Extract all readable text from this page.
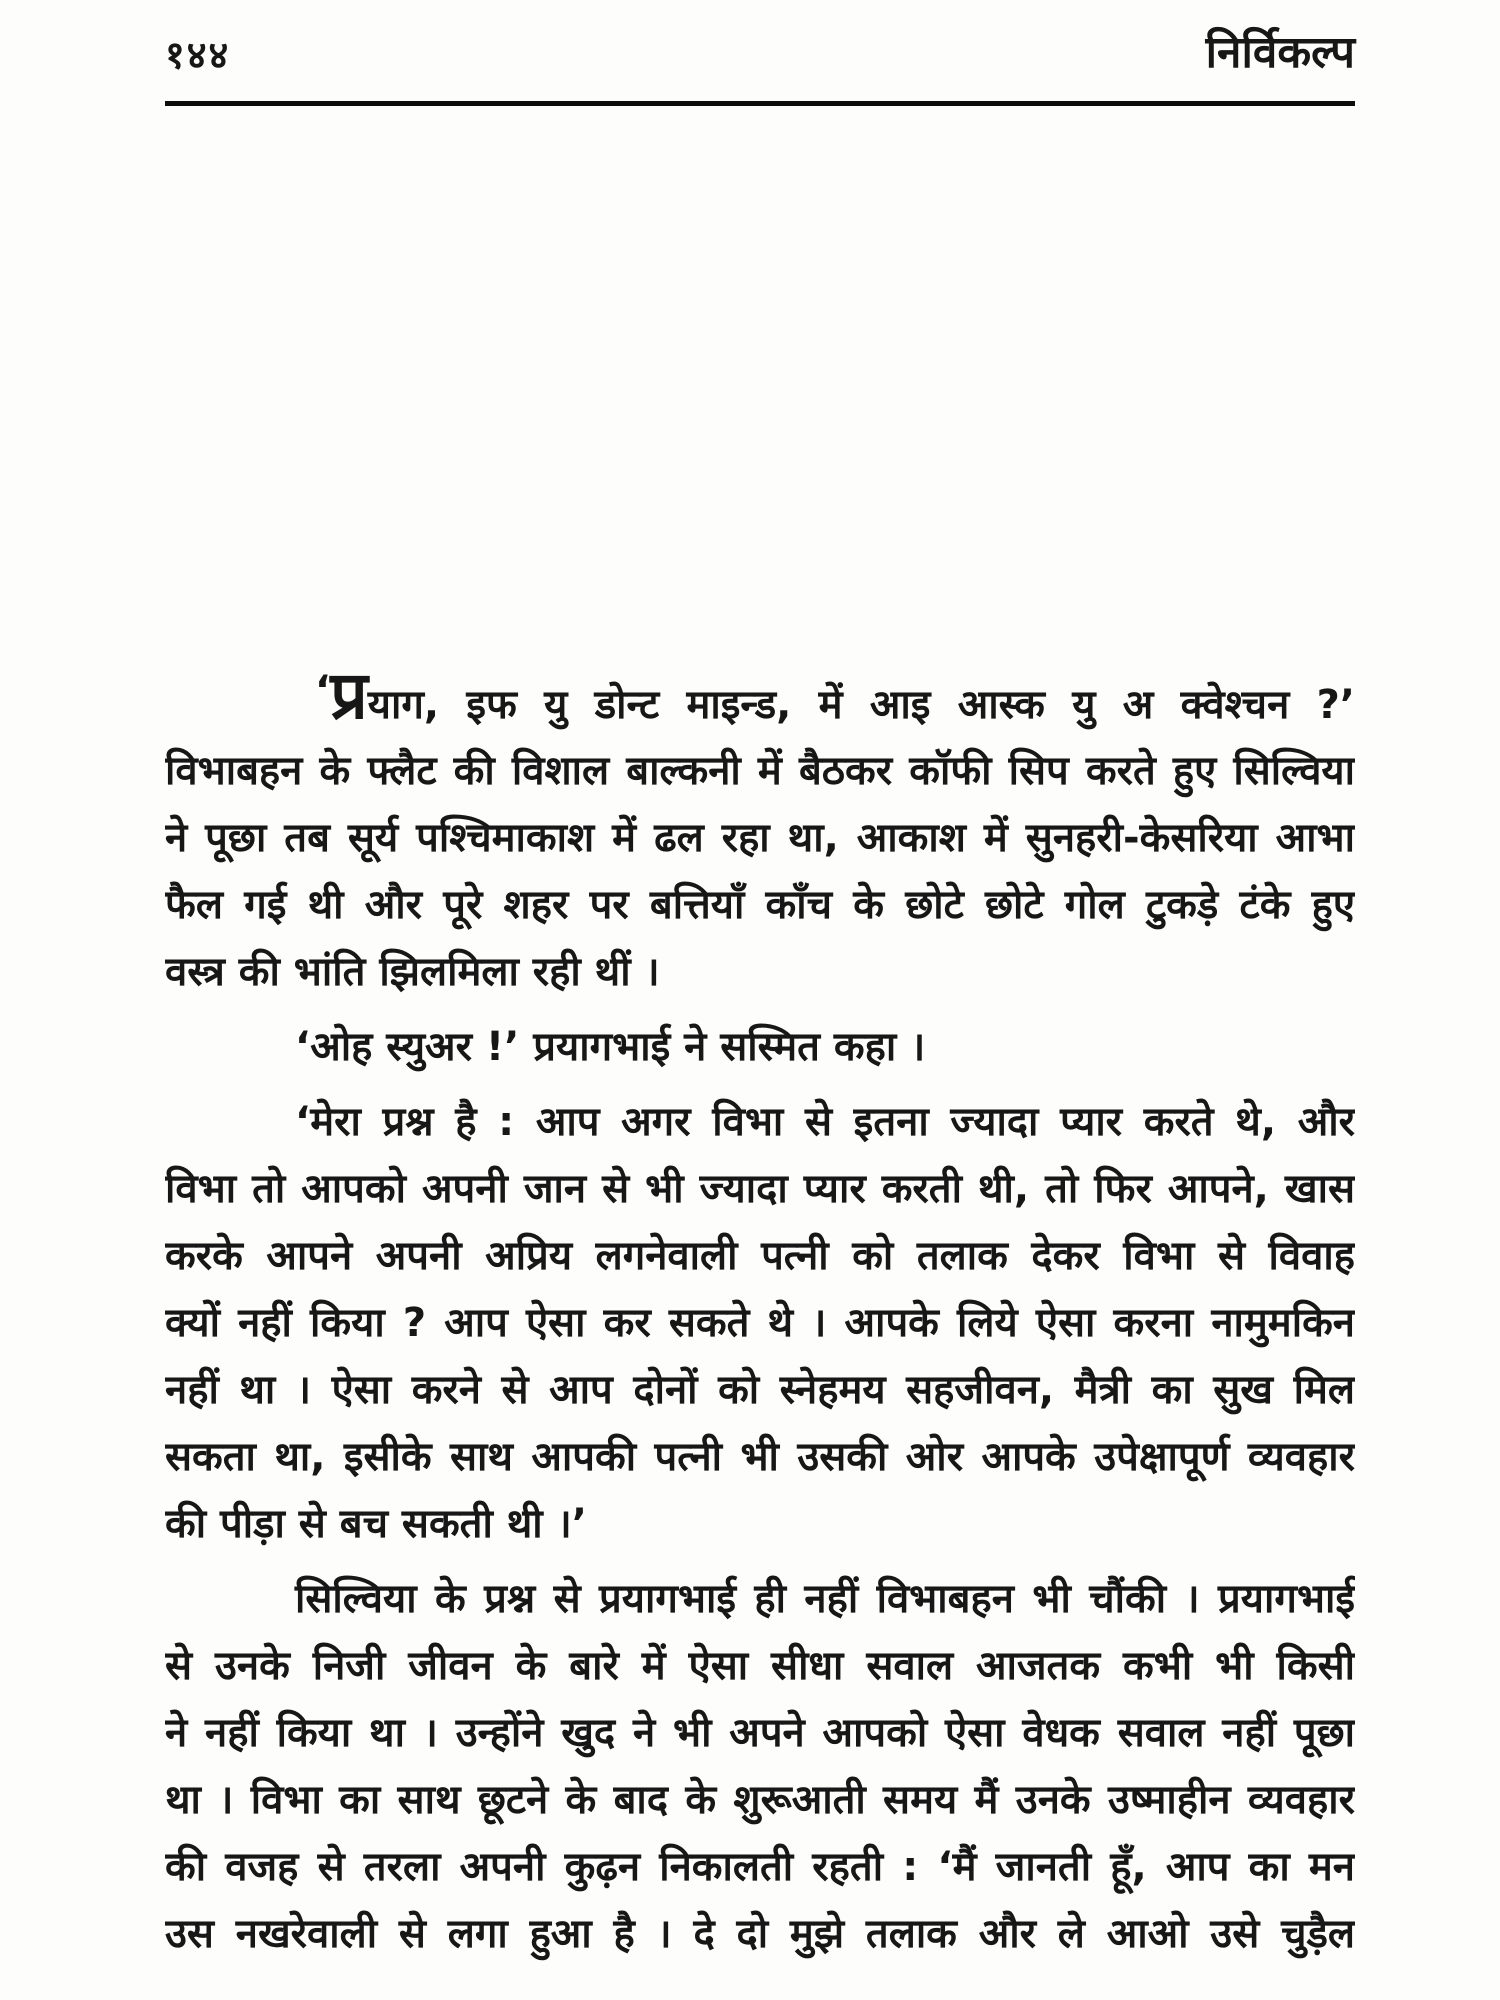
१४४	निर्विकल्प
‘प्रयाग, इफ यु डोन्ट माइन्ड, में आइ आस्क यु अ क्वेश्चन ?’
विभाबहन के फ्लैट की विशाल बाल्कनी में बैठकर कॉफी सिप करते हुए सिल्विया
ने पूछा तब सूर्य पश्चिमाकाश में ढल रहा था, आकाश में सुनहरी-केसरिया आभा
फैल गई थी और पूरे शहर पर बत्तियाँ काँच के छोटे छोटे गोल टुकड़े टंके हुए
वस्त्र की भांति झिलमिला रही थीं ।
‘ओह स्युअर !’ प्रयागभाई ने सस्मित कहा ।
‘मेरा प्रश्न है : आप अगर विभा से इतना ज्यादा प्यार करते थे, और
विभा तो आपको अपनी जान से भी ज्यादा प्यार करती थी, तो फिर आपने, खास
करके आपने अपनी अप्रिय लगनेवाली पत्नी को तलाक देकर विभा से विवाह
क्यों नहीं किया ? आप ऐसा कर सकते थे । आपके लिये ऐसा करना नामुमकिन
नहीं था । ऐसा करने से आप दोनों को स्नेहमय सहजीवन, मैत्री का सुख मिल
सकता था, इसीके साथ आपकी पत्नी भी उसकी ओर आपके उपेक्षापूर्ण व्यवहार
की पीड़ा से बच सकती थी ।’
सिल्विया के प्रश्न से प्रयागभाई ही नहीं विभाबहन भी चौंकी । प्रयागभाई
से उनके निजी जीवन के बारे में ऐसा सीधा सवाल आजतक कभी भी किसी
ने नहीं किया था । उन्होंने खुद ने भी अपने आपको ऐसा वेधक सवाल नहीं पूछा
था । विभा का साथ छूटने के बाद के शुरूआती समय मैं उनके उष्माहीन व्यवहार
की वजह से तरला अपनी कुढ़न निकालती रहती : ‘मैं जानती हूँ, आप का मन
उस नखरेवाली से लगा हुआ है । दे दो मुझे तलाक और ले आओ उसे चुड़ैल
